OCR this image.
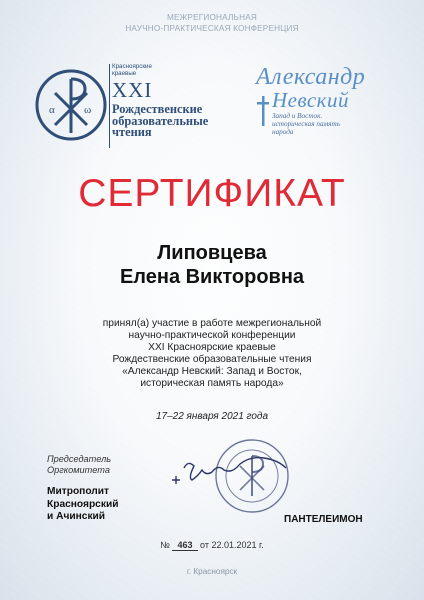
МЕЖРЕГИОНАЛЬНАЯ
НАУЧНО-ПРАКТИЧЕСКАЯ КОНФЕРЕНЦИЯ
α	ω
Красноярские
краевые
XXI
Рождественские
образовательные
чтения
Александр
Невский
Запад и Восток.
историческая память
народа
СЕРТИФИКАТ
Липовцева
Елена Викторовна
принял(а) участие в работе межрегиональной
научно-практической конференции
XXI Красноярские краевые
Рождественские образовательные чтения
«Александр Невский: Запад и Восток,
историческая память народа»
17–22 января 2021 года
Председатель
Оргкомитета
Митрополит
Красноярский
и Ачинский	ПАНТЕЛЕИМОН
№ 463 от 22.01.2021 г.
г. Красноярск
